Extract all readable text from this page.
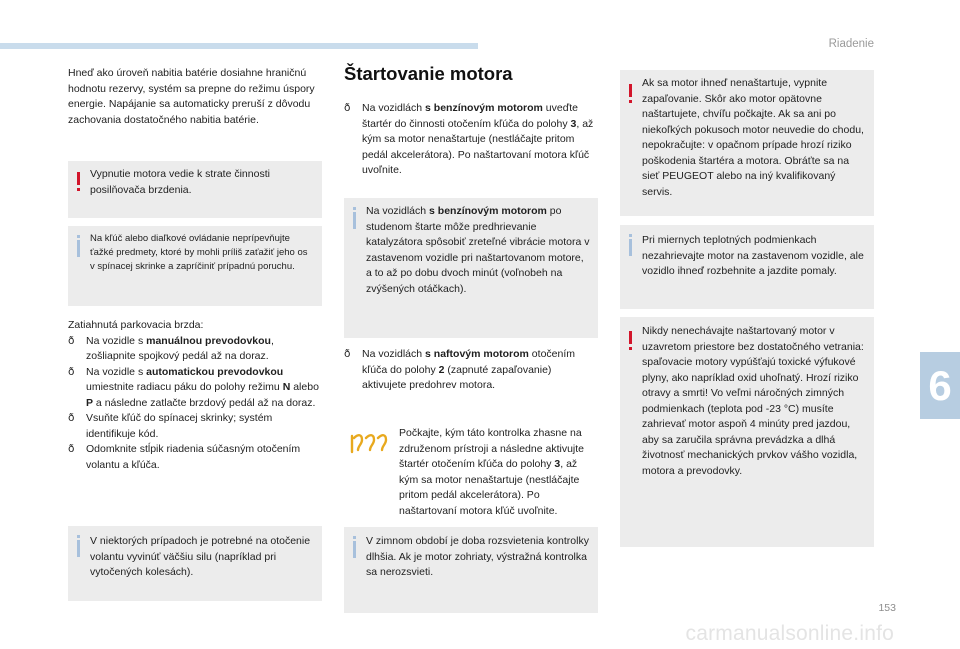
Riadenie
6
153
carmanualsonline.info

Hneď ako úroveň nabitia batérie dosiahne hraničnú hodnotu rezervy, systém sa prepne do režimu úspory energie. Napájanie sa automaticky preruší z dôvodu zachovania dostatočného nabitia batérie.

Vypnutie motora vedie k strate činnosti posilňovača brzdenia.

Na kľúč alebo diaľkové ovládanie neprípevňujte ťažké predmety, ktoré by mohli príliš zaťažiť jeho os v spínacej skrinke a zapríčiniť prípadnú poruchu.

Zatiahnutá parkovacia brzda:

ð Na vozidle s manuálnou prevodovkou, zošliapnite spojkový pedál až na doraz.
ð Na vozidle s automatickou prevodovkou umiestnite radiacu páku do polohy režimu N alebo P a následne zatlačte brzdový pedál až na doraz.
ð Vsuňte kľúč do spínacej skrinky; systém identifikuje kód.
ð Odomknite stĺpik riadenia súčasným otočením volantu a kľúča.

V niektorých prípadoch je potrebné na otočenie volantu vyvinúť väčšiu silu (napríklad pri vytočených kolesách).

Štartovanie motora
ð Na vozidlách s benzínovým motorom uveďte štartér do činnosti otočením kľúča do polohy 3, až kým sa motor nenaštartuje (nestláčajte pritom pedál akcelerátora). Po naštartovaní motora kľúč uvoľnite.

Na vozidlách s benzínovým motorom po studenom štarte môže predhrievanie katalyzátora spôsobiť zreteľné vibrácie motora v zastavenom vozidle pri naštartovanom motore, a to až po dobu dvoch minút (voľnobeh na zvýšených otáčkach).

ð Na vozidlách s naftovým motorom otočením kľúča do polohy 2 (zapnuté zapaľovanie) aktivujete predohrev motora.

Počkajte, kým táto kontrolka zhasne na združenom prístroji a následne aktivujte štartér otočením kľúča do polohy 3, až kým sa motor nenaštartuje (nestláčajte pritom pedál akcelerátora). Po naštartovaní motora kľúč uvoľnite.

V zimnom období je doba rozsvietenia kontrolky dlhšia. Ak je motor zohriaty, výstražná kontrolka sa nerozsvieti.

Ak sa motor ihneď nenaštartuje, vypnite zapaľovanie. Skôr ako motor opätovne naštartujete, chvíľu počkajte. Ak sa ani po niekoľkých pokusoch motor neuvedie do chodu, nepokračujte: v opačnom prípade hrozí riziko poškodenia štartéra a motora. Obráťte sa na sieť PEUGEOT alebo na iný kvalifikovaný servis.

Pri miernych teplotných podmienkach nezahrievajte motor na zastavenom vozidle, ale vozidlo ihneď rozbehnite a jazdite pomaly.

Nikdy nenechávajte naštartovaný motor v uzavretom priestore bez dostatočného vetrania: spaľovacie motory vypúšťajú toxické výfukové plyny, ako napríklad oxid uhoľnatý. Hrozí riziko otravy a smrti! Vo veľmi náročných zimných podmienkach (teplota pod -23 °C) musíte zahrievať motor aspoň 4 minúty pred jazdou, aby sa zaručila správna prevádzka a dlhá životnosť mechanických prvkov vášho vozidla, motora a prevodovky.
